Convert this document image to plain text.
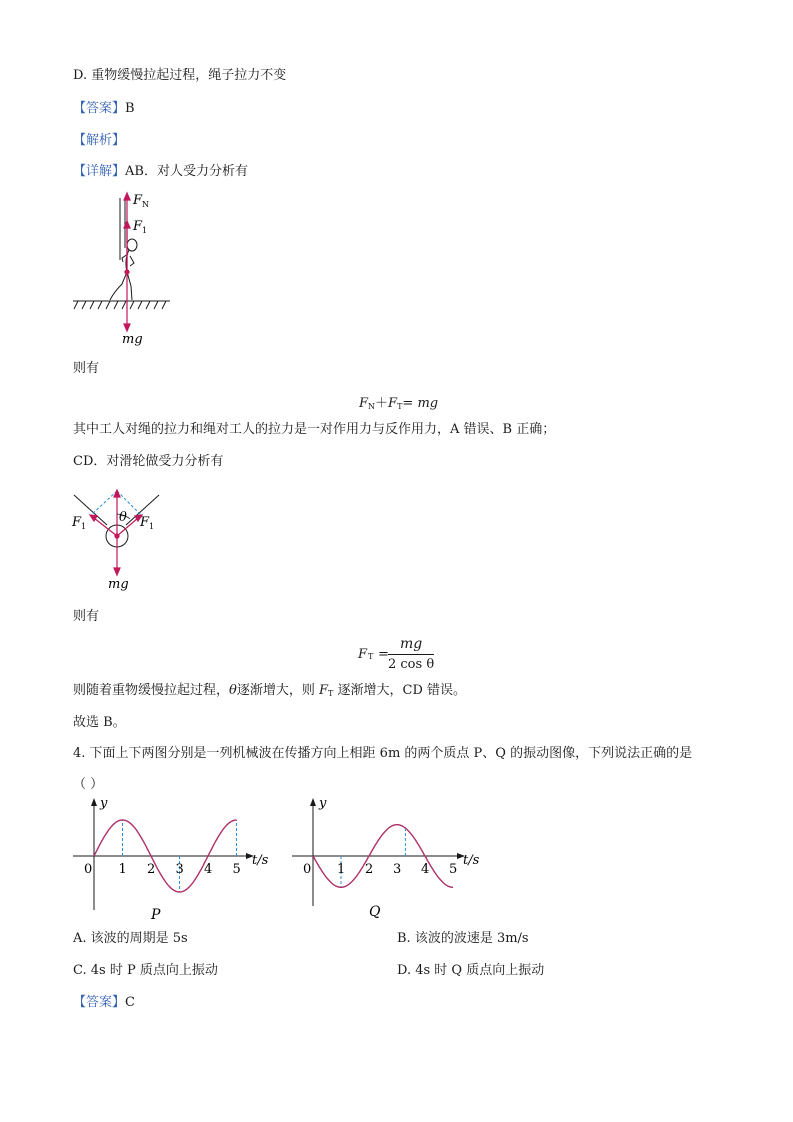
D. 重物缓慢拉起过程，绳子拉力不变
【答案】B
【解析】
【详解】AB．对人受力分析有
$F_N$
$F_1$
mg
则有
$F_N+F_T=$ mg
其中工人对绳的拉力和绳对工人的拉力是一对作用力与反作用力，A 错误、B 正确；
CD．对滑轮做受力分析有
θ
$F_1$	$F_1$
mg
则有
F T =
mg
2 cos θ
则随着重物缓慢拉起过程，θ逐渐增大，则 $F_T$ 逐渐增大，CD 错误。
故选 B。
4. 下面上下两图分别是一列机械波在传播方向上相距 6m 的两个质点 P、Q 的振动图像，下列说法正确的是
（ ）
0 1 2 3 4 5
y
t/s
P
0 1 2 3 4 5
y
t/s
Q
A. 该波的周期是 5s	B. 该波的波速是 3m/s
C. 4s 时 P 质点向上振动	D. 4s 时 Q 质点向上振动
【答案】C
